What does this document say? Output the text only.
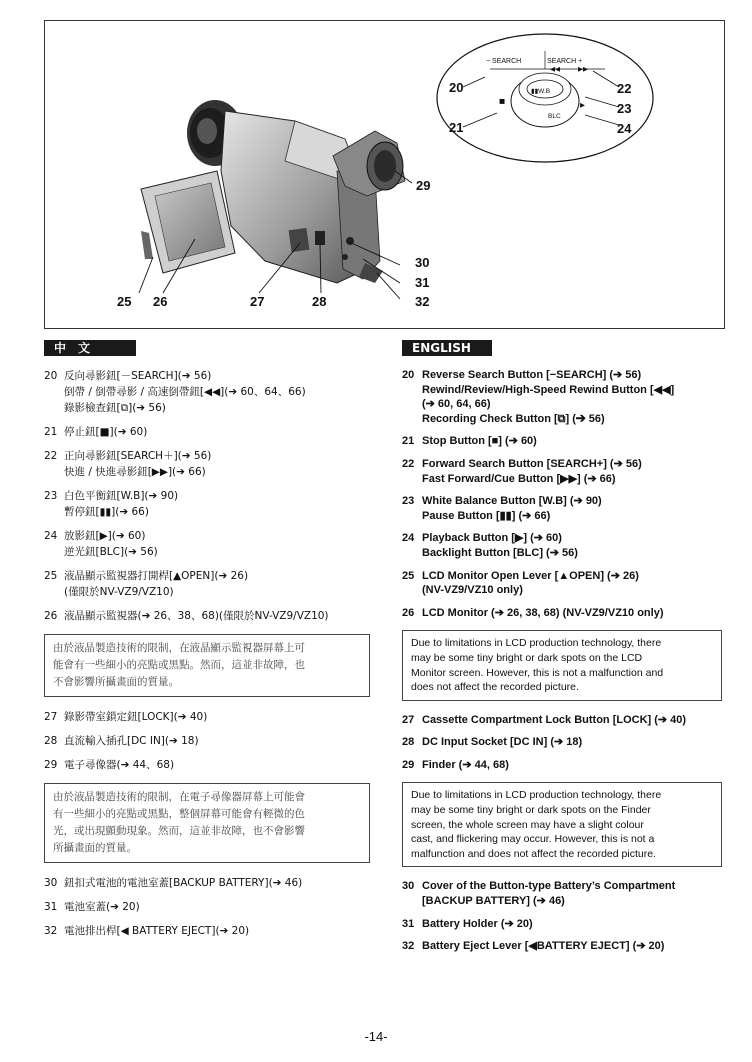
◀◀	▶▶
▶
■
− SEARCH	SEARCH +
▮▮W.B
BLC
20
21
22
23
24
29
30
31
32
25 26	27	28
中　文	ENGLISH
20 反向尋影鈕[－SEARCH](➔ 56)
倒帶 / 倒帶尋影 / 高速倒帶鈕[◀◀](➔ 60、64、66)
錄影檢查鈕[⧉](➔ 56)
21 停止鈕[■](➔ 60)
22 正向尋影鈕[SEARCH＋](➔ 56)
快進 / 快進尋影鈕[▶▶](➔ 66)
23 白色平衡鈕[W.B](➔ 90)
暫停鈕[▮▮](➔ 66)
24 放影鈕[▶](➔ 60)
逆光鈕[BLC](➔ 56)
25 液晶顯示監視器打開桿[▲OPEN](➔ 26)
(僅限於NV-VZ9/VZ10)
26 液晶顯示監視器(➔ 26、38、68)(僅限於NV-VZ9/VZ10)
由於液晶製造技術的限制，在液晶顯示監視器屏幕上可
能會有一些細小的亮點或黑點。然而，這並非故障，也
不會影響所攝畫面的質量。
27 錄影帶室鎖定鈕[LOCK](➔ 40)
28 直流輸入插孔[DC IN](➔ 18)
29 電子尋像器(➔ 44、68)
由於液晶製造技術的限制，在電子尋像器屏幕上可能會
有一些細小的亮點或黑點，整個屏幕可能會有輕微的色
光，或出現顫動現象。然而，這並非故障，也不會影響
所攝畫面的質量。
30 鈕扣式電池的電池室蓋[BACKUP BATTERY](➔ 46)
31 電池室蓋(➔ 20)
32 電池排出桿[◀ BATTERY EJECT](➔ 20)
20 Reverse Search Button [−SEARCH] (➔ 56)
Rewind/Review/High-Speed Rewind Button [◀◀]
(➔ 60, 64, 66)
Recording Check Button [⧉] (➔ 56)
21 Stop Button [■] (➔ 60)
22 Forward Search Button [SEARCH+] (➔ 56)
Fast Forward/Cue Button [▶▶] (➔ 66)
23 White Balance Button [W.B] (➔ 90)
Pause Button [▮▮] (➔ 66)
24 Playback Button [▶] (➔ 60)
Backlight Button [BLC] (➔ 56)
25 LCD Monitor Open Lever [▲OPEN] (➔ 26)
(NV-VZ9/VZ10 only)
26 LCD Monitor (➔ 26, 38, 68) (NV-VZ9/VZ10 only)
Due to limitations in LCD production technology, there
may be some tiny bright or dark spots on the LCD
Monitor screen. However, this is not a malfunction and
does not affect the recorded picture.
27 Cassette Compartment Lock Button [LOCK] (➔ 40)
28 DC Input Socket [DC IN] (➔ 18)
29 Finder (➔ 44, 68)
Due to limitations in LCD production technology, there
may be some tiny bright or dark spots on the Finder
screen, the whole screen may have a slight colour
cast, and flickering may occur. However, this is not a
malfunction and does not affect the recorded picture.
30 Cover of the Button-type Battery’s Compartment
[BACKUP BATTERY] (➔ 46)
31 Battery Holder (➔ 20)
32 Battery Eject Lever [◀BATTERY EJECT] (➔ 20)
-14-
